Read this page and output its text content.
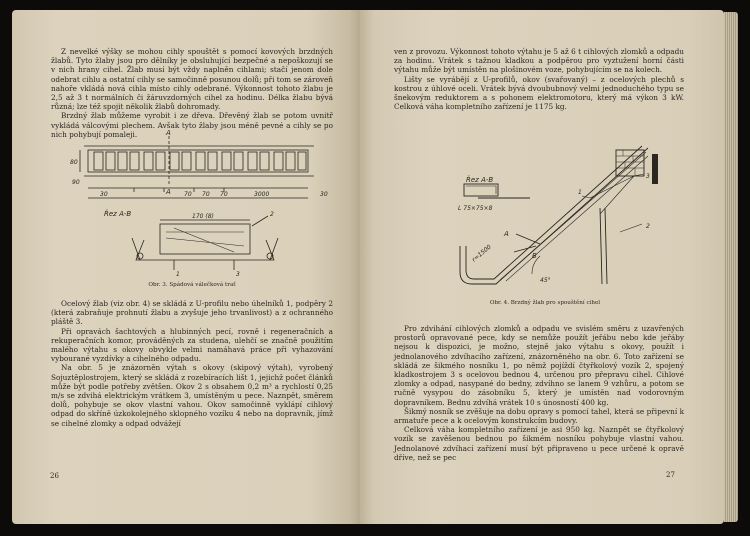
Z nevelké výšky se mohou cihly spouštět s pomocí kovových brzdných žlabů. Tyto žlaby jsou pro dělníky je obsluhující bezpečné a nepoškozují se v nich hrany cihel. Žlab musí být vždy naplněn cihlami; stačí jenom dole odebrat cihlu a ostatní cihly se samočinně posunou dolů; při tom se zároveň nahoře vkládá nová cihla místo cihly odebrané. Výkonnost tohoto žlabu je 2,5 až 3 t normálních či žáruvzdorných cihel za hodinu. Délka žlabu bývá různá; lze též spojit několik žlabů dohromady.

Brzdný žlab můžeme vyrobit i ze dřeva. Dřevěný žlab se potom uvnitř vykládá válcovými plechem. Avšak tyto žlaby jsou méně pevné a cihly se po nich pohybují pomaleji.	A
A
80
90
30	70 70 70	3000	30
Řez A-B	170 (8)
1
2
3
Obr. 3. Spádová válečková trať

Ocelový žlab (viz obr. 4) se skládá z U-profilu nebo úhelníků 1, podpěry 2 (která zabraňuje prohnutí žlabu a zvyšuje jeho trvanlivost) a z ochranného pláště 3.

Při opravách šachtových a hlubinných pecí, rovně i regeneračních a rekuperačních komor, prováděných za studena, ulehčí se značně použitím malého výtahu s okovy obvykle velmi namáhavá práce při vyhazování vybourané vyzdívky a cihelného odpadu.

Na obr. 5 je znázorněn výtah s okovy (skipový výtah), vyrobený Sojuztěplostrojem, který se skládá z rozebíracích lišt 1, jejichž počet článků může být podle potřeby zvětšen. Okov 2 s obsahem 0,2 m³ a rychlostí 0,25 m/s se zdvihá elektrickým vrátkem 3, umístěným u pece. Naznpět, směrem dolů, pohybuje se okov vlastní vahou. Okov samočinně vyklápí cihlový odpad do skříně úzkokolejného sklopného vozíku 4 nebo na dopravník, jímž se cihelné zlomky a odpad odvážejí

26

ven z provozu. Výkonnost tohoto výtahu je 5 až 6 t cihlových zlomků a odpadu za hodinu. Vrátek s tažnou kladkou a podpěrou pro vyztužení horní části výtahu může být umístěn na plošinovém voze, pohybujícím se na kolech.

Lišty se vyrábějí z U-profilů, okov (svařovaný) – z ocelových plechů s kostrou z úhlové oceli. Vrátek bývá dvoububnový velmi jednoduchého typu se šnekovým reduktorem a s pohonem elektromotoru, který má výkon 3 kW. Celková váha kompletního zařízení je 1175 kg.

Řez A-B
L 75×75×8
A
B
r=1500
45°
1
2
3
Obr. 4. Brzdný žlab pro spouštění cihel

Pro zdvihání cihlových zlomků a odpadu ve svislém směru z uzavřených prostorů opravované pece, kdy se nemůže použít jeřábu nebo kde jeřáby nejsou k dispozici, je možno, stejně jako výtahu s okovy, použít i jednolanového zdvíhacího zařízení, znázorněného na obr. 6. Toto zařízení se skládá ze šikmého nosníku 1, po němž pojíždí čtyřkolový vozík 2, spojený kladkostrojem 3 s ocelovou bednou 4, určenou pro přepravu cihel. Cihlové zlomky a odpad, nasypané do bedny, zdvíhno se lanem 9 vzhůru, a potom se ručně vysypou do zásobníku 5, který je umístěn nad vodorovným dopravníkem. Bednu zdvíhá vrátek 10 s únosností 400 kg.

Šikmý nosník se zvěšuje na dobu opravy s pomocí tahel, která se připevní k armatuře pece a k ocelovým konstrukcím budovy.

Celková váha kompletního zařízení je asi 950 kg. Naznpět se čtyřkolový vozík se zavěšenou bednou po šikmém nosníku pohybuje vlastní vahou. Jednolanové zdvíhací zařízení musí být připraveno u pece určené k opravě dříve, než se pec

27
